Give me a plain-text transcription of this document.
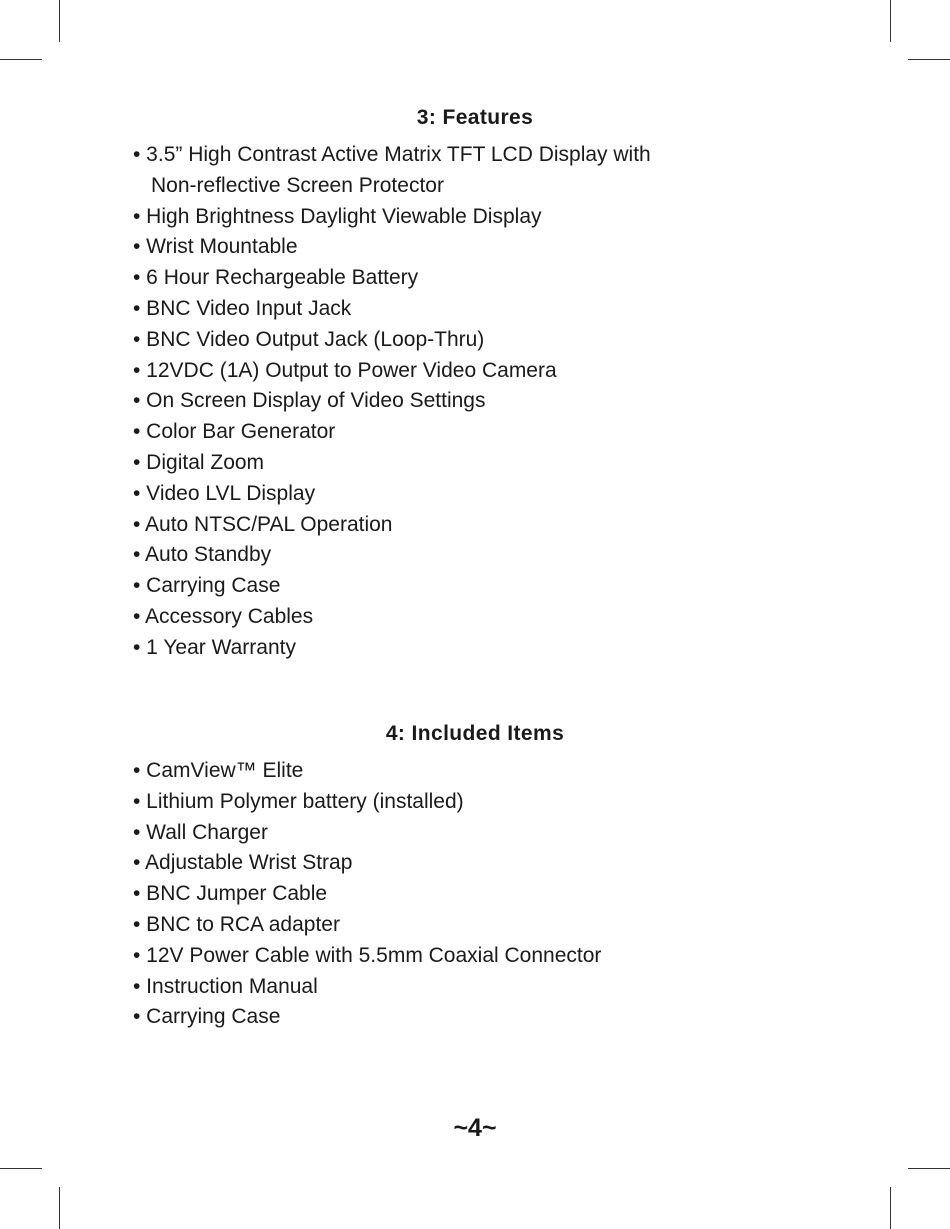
3: Features
• 3.5” High Contrast Active Matrix TFT LCD Display with
Non-reflective Screen Protector
• High Brightness Daylight Viewable Display
• Wrist Mountable
• 6 Hour Rechargeable Battery
• BNC Video Input Jack
• BNC Video Output Jack (Loop-Thru)
• 12VDC (1A) Output to Power Video Camera
• On Screen Display of Video Settings
• Color Bar Generator
• Digital Zoom
• Video LVL Display
• Auto NTSC/PAL Operation
• Auto Standby
• Carrying Case
• Accessory Cables
• 1 Year Warranty
4: Included Items
• CamView™ Elite
• Lithium Polymer battery (installed)
• Wall Charger
• Adjustable Wrist Strap
• BNC Jumper Cable
• BNC to RCA adapter
• 12V Power Cable with 5.5mm Coaxial Connector
• Instruction Manual
• Carrying Case
~4~
